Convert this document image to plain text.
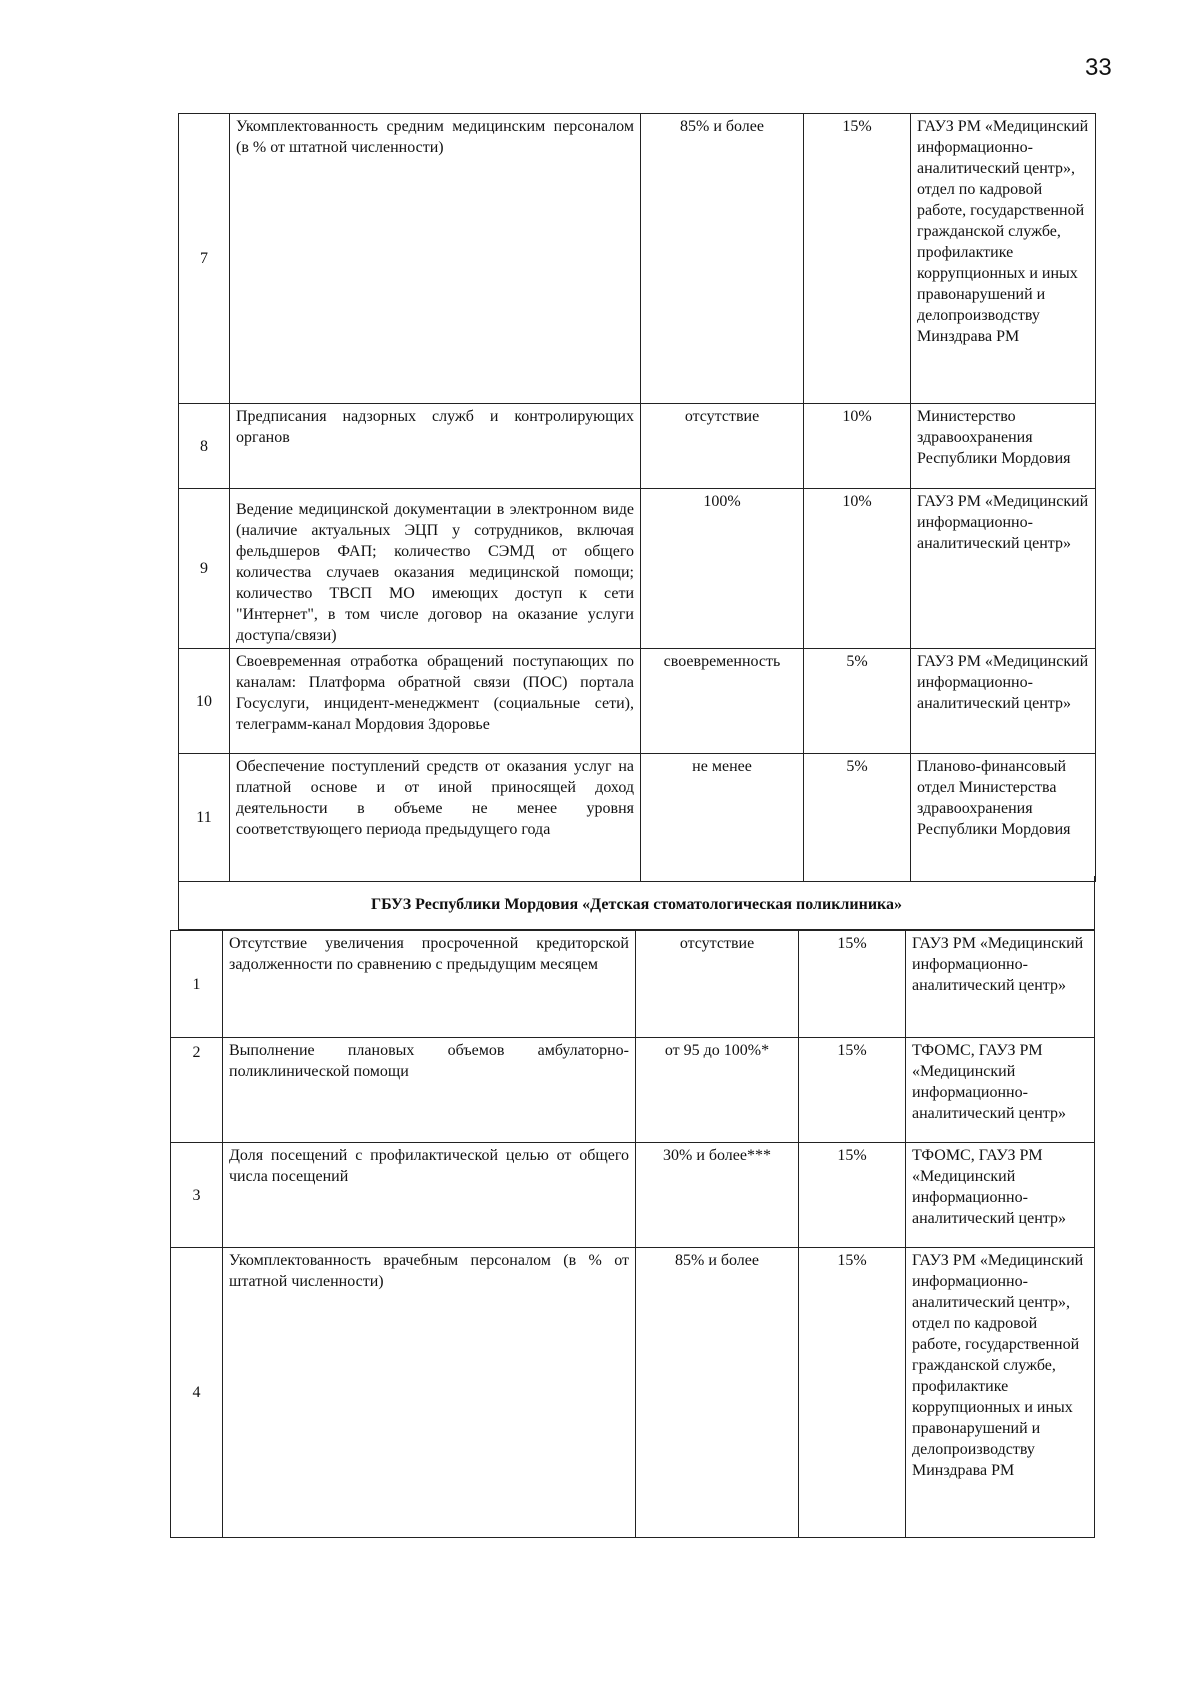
33
7	Укомплектованность средним медицинским персоналом (в % от штатной численности)	85% и более	15%	ГАУЗ РМ «Медицинский информационно-аналитический центр», отдел по кадровой работе, государственной гражданской службе, профилактике коррупционных и иных правонарушений и делопроизводству Минздрава РМ
8	Предписания надзорных служб и контролирующих органов	отсутствие	10%	Министерство здравоохранения Республики Мордовия
9	Ведение медицинской документации в электронном виде (наличие актуальных ЭЦП у сотрудников, включая фельдшеров ФАП; количество СЭМД от общего количества случаев оказания медицинской помощи; количество ТВСП МО имеющих доступ к сети "Интернет", в том числе договор на оказание услуги доступа/связи)	100%	10%	ГАУЗ РМ «Медицинский информационно-аналитический центр»
10	Своевременная отработка обращений поступающих по каналам: Платформа обратной связи (ПОС) портала Госуслуги, инцидент-менеджмент (социальные сети), телеграмм-канал Мордовия Здоровье	своевременность	5%	ГАУЗ РМ «Медицинский информационно-аналитический центр»
11	Обеспечение поступлений средств от оказания услуг на платной основе и от иной приносящей доход деятельности в объеме не менее уровня соответствующего периода предыдущего года	не менее	5%	Планово-финансовый отдел Министерства здравоохранения Республики Мордовия
ГБУЗ Республики Мордовия «Детская стоматологическая поликлиника»
1	Отсутствие увеличения просроченной кредиторской задолженности по сравнению с предыдущим месяцем	отсутствие	15%	ГАУЗ РМ «Медицинский информационно-аналитический центр»
2	Выполнение плановых объемов амбулаторно-поликлинической помощи	от 95 до 100%*	15%	ТФОМС, ГАУЗ РМ «Медицинский информационно-аналитический центр»
3	Доля посещений с профилактической целью от общего числа посещений	30% и более***	15%	ТФОМС, ГАУЗ РМ «Медицинский информационно-аналитический центр»
4	Укомплектованность врачебным персоналом (в % от штатной численности)	85% и более	15%	ГАУЗ РМ «Медицинский информационно-аналитический центр», отдел по кадровой работе, государственной гражданской службе, профилактике коррупционных и иных правонарушений и делопроизводству Минздрава РМ
